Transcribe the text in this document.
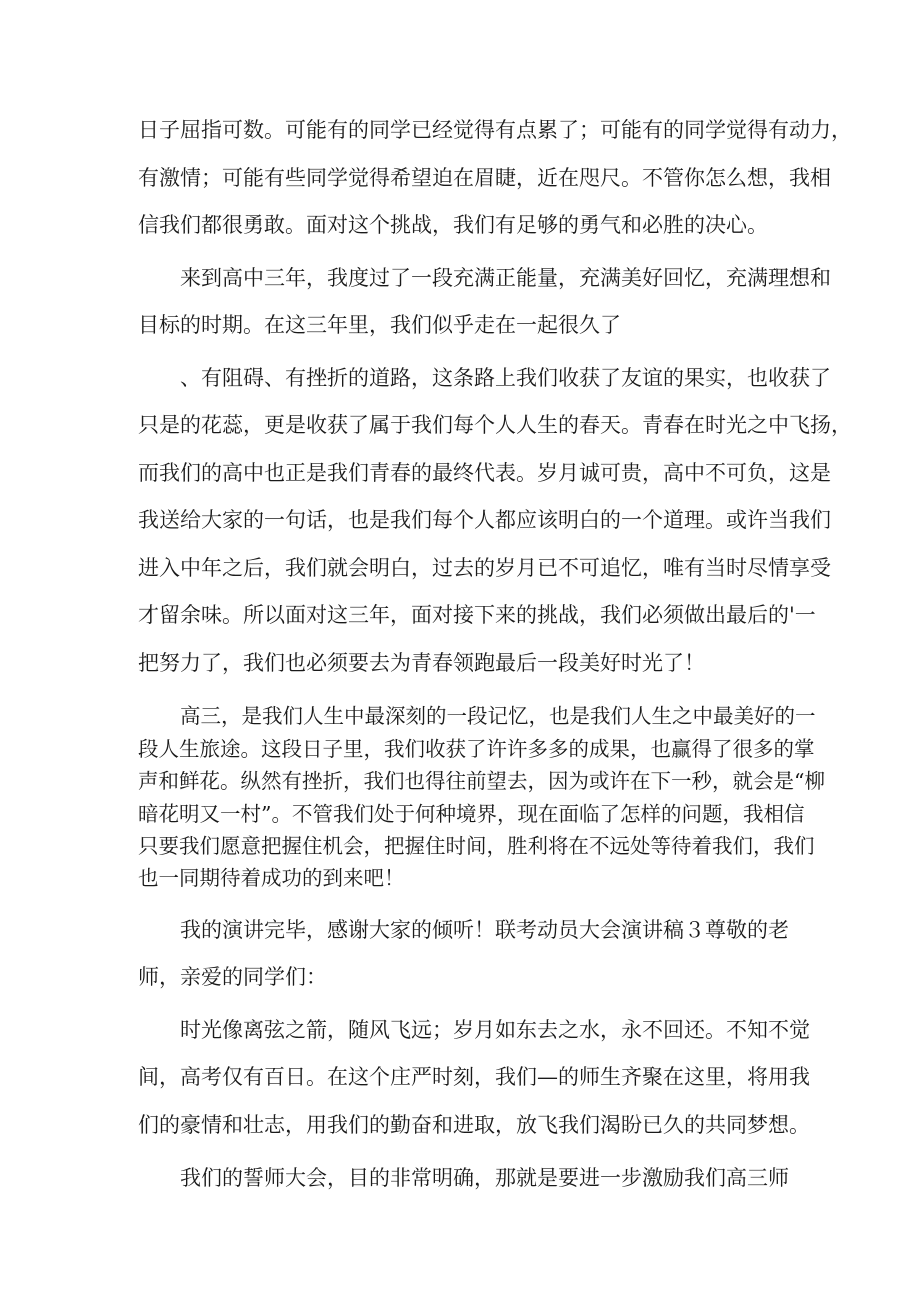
日子屈指可数。可能有的同学已经觉得有点累了；可能有的同学觉得有动力，
有激情；可能有些同学觉得希望迫在眉睫，近在咫尺。不管你怎么想，我相
信我们都很勇敢。面对这个挑战，我们有足够的勇气和必胜的决心。
来到高中三年，我度过了一段充满正能量，充满美好回忆，充满理想和
目标的时期。在这三年里，我们似乎走在一起很久了
、有阻碍、有挫折的道路，这条路上我们收获了友谊的果实，也收获了
只是的花蕊，更是收获了属于我们每个人人生的春天。青春在时光之中飞扬，
而我们的高中也正是我们青春的最终代表。岁月诚可贵，高中不可负，这是
我送给大家的一句话，也是我们每个人都应该明白的一个道理。或许当我们
进入中年之后，我们就会明白，过去的岁月已不可追忆，唯有当时尽情享受
才留余味。所以面对这三年，面对接下来的挑战，我们必须做出最后的'一
把努力了，我们也必须要去为青春领跑最后一段美好时光了！
高三，是我们人生中最深刻的一段记忆，也是我们人生之中最美好的一
段人生旅途。这段日子里，我们收获了许许多多的成果，也赢得了很多的掌
声和鲜花。纵然有挫折，我们也得往前望去，因为或许在下一秒，就会是“柳
暗花明又一村”。不管我们处于何种境界，现在面临了怎样的问题，我相信
只要我们愿意把握住机会，把握住时间，胜利将在不远处等待着我们，我们
也一同期待着成功的到来吧！
我的演讲完毕，感谢大家的倾听！联考动员大会演讲稿３尊敬的老
师，亲爱的同学们：
时光像离弦之箭，随风飞远；岁月如东去之水，永不回还。不知不觉
间，高考仅有百日。在这个庄严时刻，我们—的师生齐聚在这里，将用我
们的豪情和壮志，用我们的勤奋和进取，放飞我们渴盼已久的共同梦想。
我们的誓师大会，目的非常明确，那就是要进一步激励我们高三师
